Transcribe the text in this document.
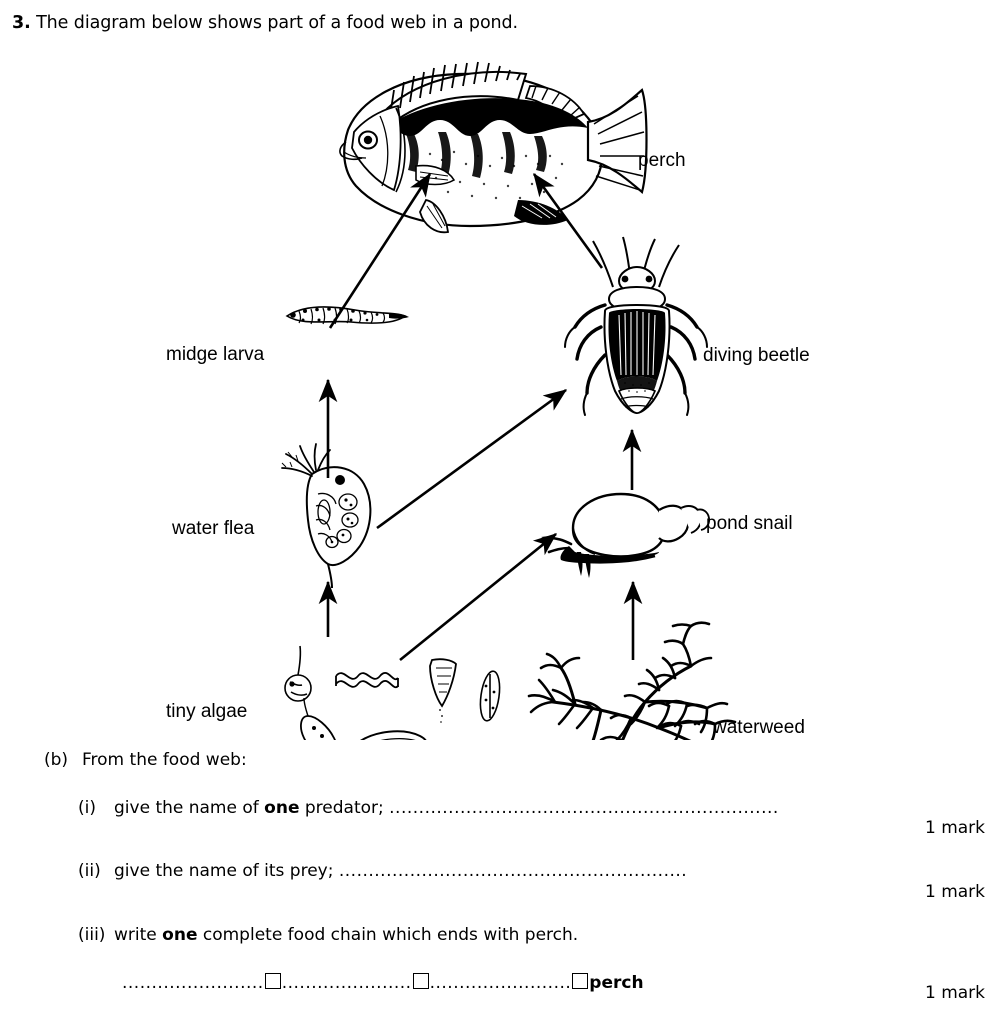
3. The diagram below shows part of a food web in a pond.
perch
midge larva	diving beetle
water flea	pond snail
tiny algae
waterweed
(b) From the food web:
(i) give the name of one predator; ..................................................................
(ii) give the name of its prey; ...........................................................
(iii) write one complete food chain which ends with perch.
........................ ...................... ........................ perch
1 mark
1 mark
1 mark
